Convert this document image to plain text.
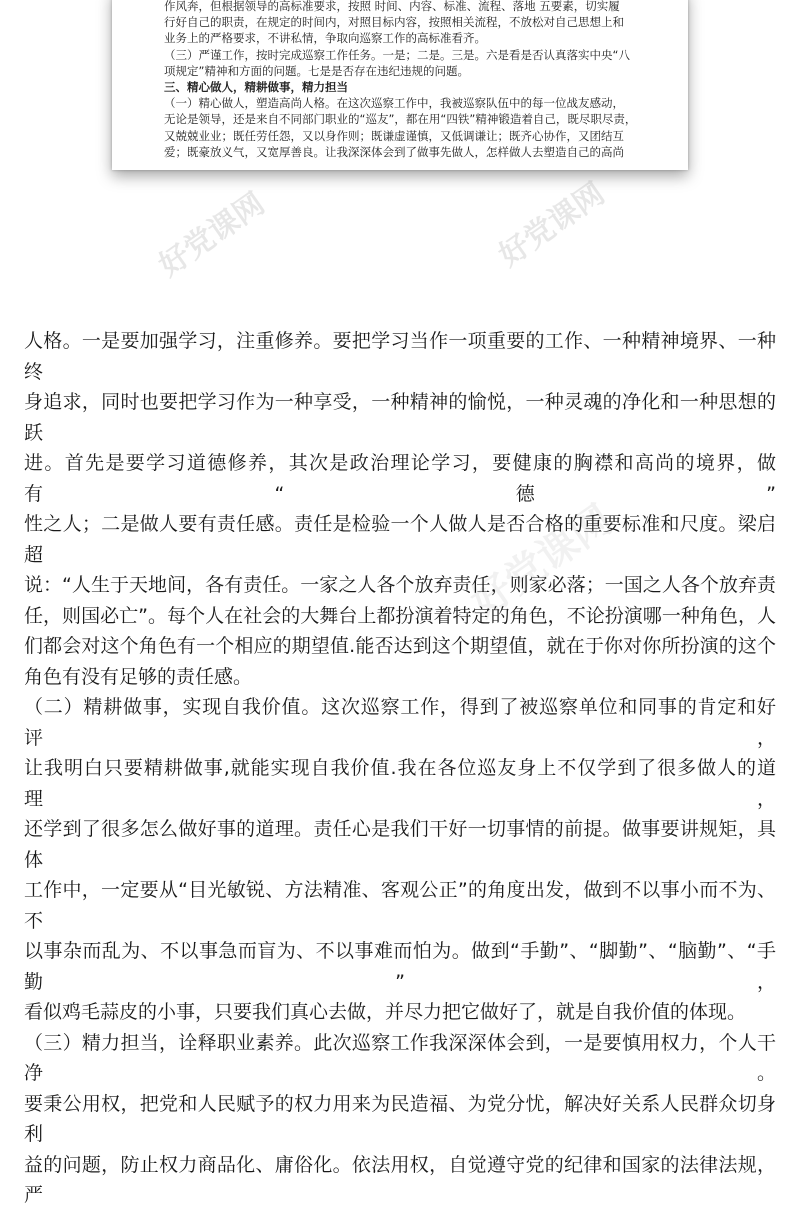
作风奔，但根据领导的高标准要求，按照 时间、内容、标准、流程、落地 五要素，切实履

行好自己的职责，在规定的时间内，对照目标内容，按照相关流程，不放松对自己思想上和

业务上的严格要求，不讲私情，争取向巡察工作的高标准看齐。

（三）严谨工作，按时完成巡察工作任务。一是；二是。三是。六是看是否认真落实中央“八

项规定”精神和方面的问题。七是是否存在违纪违规的问题。

三、精心做人，精耕做事，精力担当

（一）精心做人，塑造高尚人格。在这次巡察工作中，我被巡察队伍中的每一位战友感动，

无论是领导，还是来自不同部门职业的“巡友”，都在用“四铁”精神锻造着自己，既尽职尽责，

又兢兢业业；既任劳任怨，又以身作则；既谦虚谨慎，又低调谦让；既齐心协作，又团结互

爱；既豪放义气，又宽厚善良。让我深深体会到了做事先做人，怎样做人去塑造自己的高尚

好党课网	好党课网
好党课网

人格。一是要加强学习，注重修养。要把学习当作一项重要的工作、一种精神境界、一种终

身追求，同时也要把学习作为一种享受，一种精神的愉悦，一种灵魂的净化和一种思想的跃

进。首先是要学习道德修养，其次是政治理论学习，要健康的胸襟和高尚的境界，做有“德”

性之人；二是做人要有责任感。责任是检验一个人做人是否合格的重要标准和尺度。梁启超

说：“人生于天地间，各有责任。一家之人各个放弃责任，则家必落；一国之人各个放弃责

任，则国必亡”。每个人在社会的大舞台上都扮演着特定的角色，不论扮演哪一种角色，人

们都会对这个角色有一个相应的期望值.能否达到这个期望值，就在于你对你所扮演的这个

角色有没有足够的责任感。

（二）精耕做事，实现自我价值。这次巡察工作，得到了被巡察单位和同事的肯定和好评，

让我明白只要精耕做事,就能实现自我价值.我在各位巡友身上不仅学到了很多做人的道理，

还学到了很多怎么做好事的道理。责任心是我们干好一切事情的前提。做事要讲规矩，具体

工作中，一定要从“目光敏锐、方法精准、客观公正”的角度出发，做到不以事小而不为、不

以事杂而乱为、不以事急而盲为、不以事难而怕为。做到“手勤”、“脚勤”、“脑勤”、“手勤”，

看似鸡毛蒜皮的小事，只要我们真心去做，并尽力把它做好了，就是自我价值的体现。

（三）精力担当，诠释职业素养。此次巡察工作我深深体会到，一是要慎用权力，个人干净。

要秉公用权，把党和人民赋予的权力用来为民造福、为党分忧，解决好关系人民群众切身利

益的问题，防止权力商品化、庸俗化。依法用权，自觉遵守党的纪律和国家的法律法规，严
